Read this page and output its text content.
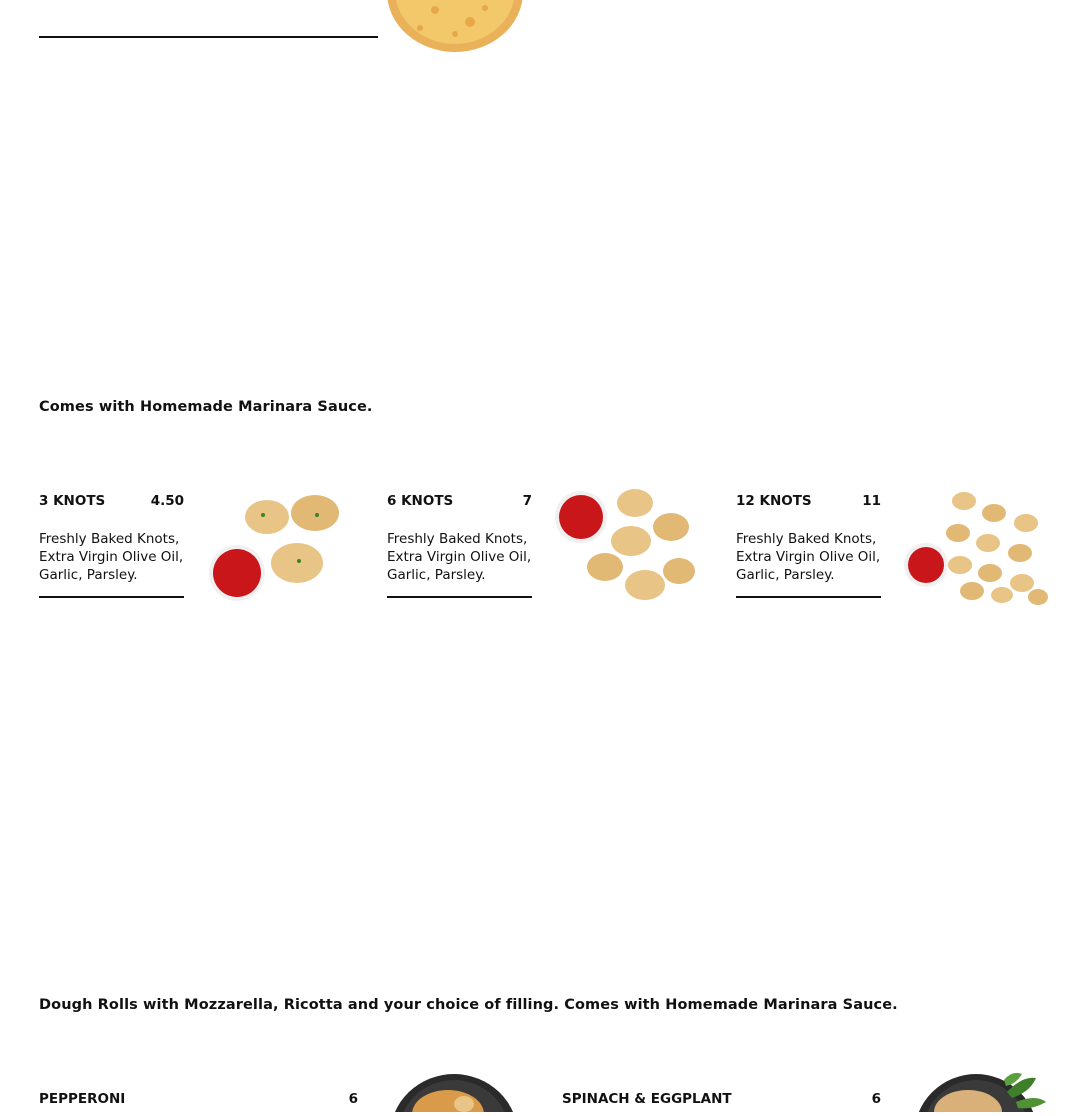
Comes with Homemade Marinara Sauce.
3 KNOTS	4.50
Freshly Baked Knots,
Extra Virgin Olive Oil,
Garlic, Parsley.
6 KNOTS	7
Freshly Baked Knots,
Extra Virgin Olive Oil,
Garlic, Parsley.
12 KNOTS	11
Freshly Baked Knots,
Extra Virgin Olive Oil,
Garlic, Parsley.
Dough Rolls with Mozzarella, Ricotta and your choice of filling. Comes with Homemade Marinara Sauce.
PEPPERONI	6	SPINACH & EGGPLANT	6
